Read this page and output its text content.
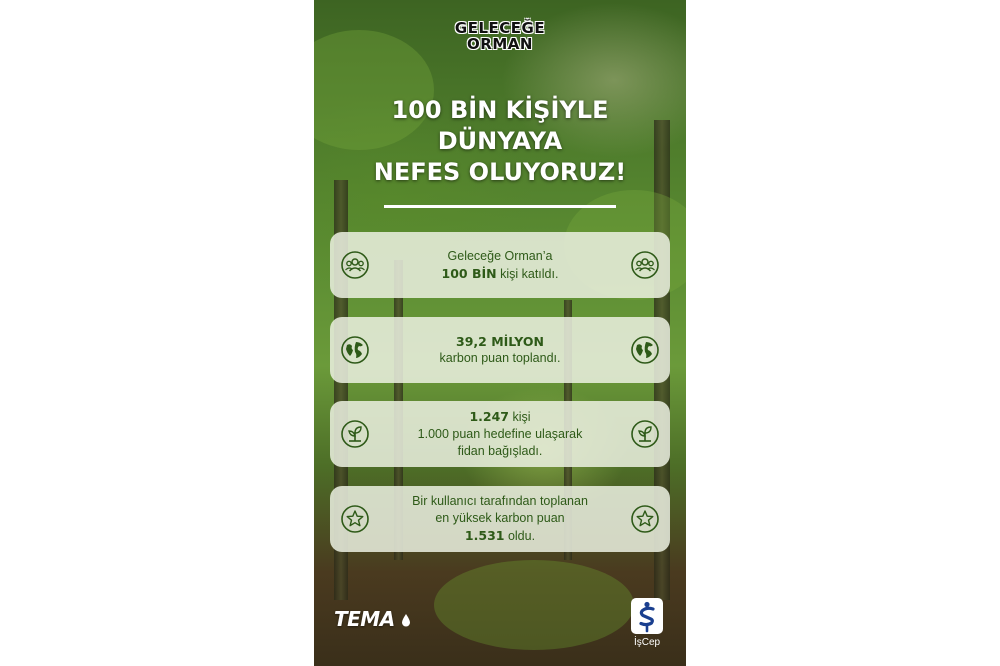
GELECEĞE
ORMAN
100 BİN KİŞİYLE
DÜNYAYA
NEFES OLUYORUZ!
Geleceğe Orman’a
100 BİN kişi katıldı.
39,2 MİLYON
karbon puan toplandı.
1.247 kişi
1.000 puan hedefine ulaşarak
fidan bağışladı.
Bir kullanıcı tarafından toplanan
en yüksek karbon puan
1.531 oldu.
TEMA
İşCep
